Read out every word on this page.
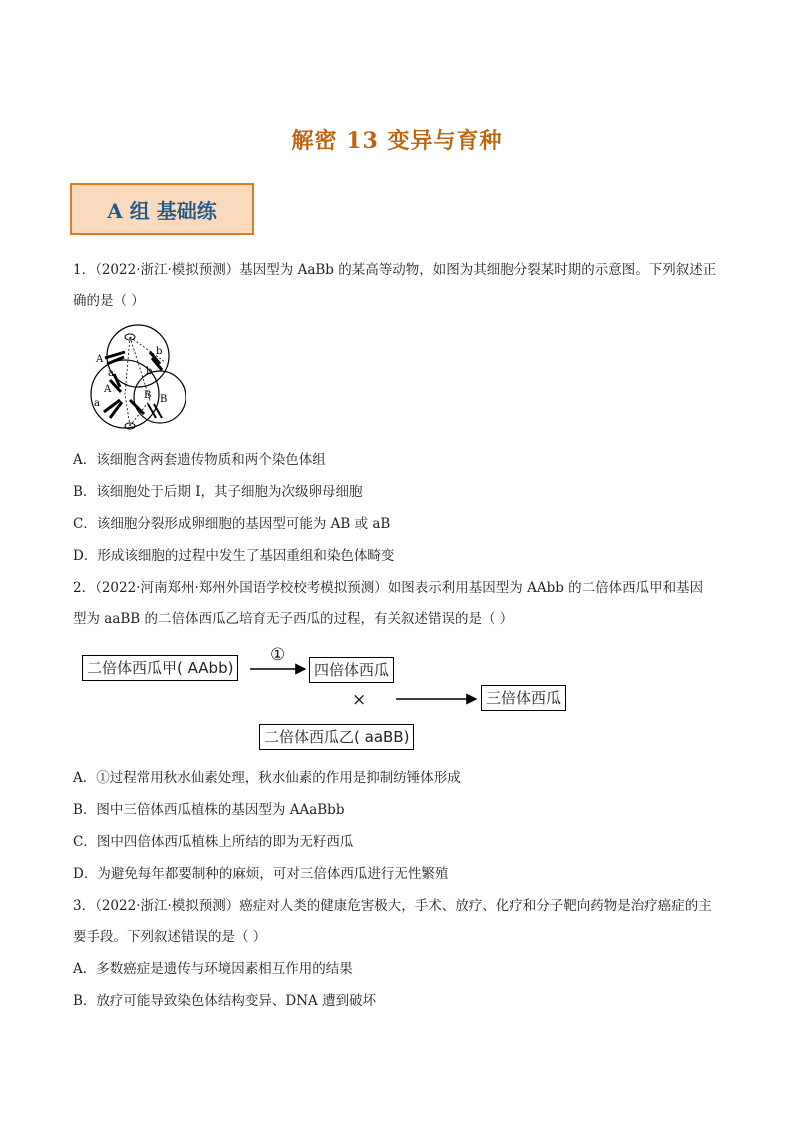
解密 13 变异与育种
A 组 基础练
1．（2022·浙江·模拟预测）基因型为 AaBb 的某高等动物，如图为其细胞分裂某时期的示意图。下列叙述正
确的是（ ）
A
a
A
a
b
b
B B
A．该细胞含两套遗传物质和两个染色体组
B．该细胞处于后期 I，其子细胞为次级卵母细胞
C．该细胞分裂形成卵细胞的基因型可能为 AB 或 aB
D．形成该细胞的过程中发生了基因重组和染色体畸变
2．（2022·河南郑州·郑州外国语学校校考模拟预测）如图表示利用基因型为 AAbb 的二倍体西瓜甲和基因
型为 aaBB 的二倍体西瓜乙培育无子西瓜的过程，有关叙述错误的是（ ）
二倍体西瓜甲( AAbb)
①
四倍体西瓜
×	三倍体西瓜
二倍体西瓜乙( aaBB)
A．①过程常用秋水仙素处理，秋水仙素的作用是抑制纺锤体形成
B．图中三倍体西瓜植株的基因型为 AAaBbb
C．图中四倍体西瓜植株上所结的即为无籽西瓜
D．为避免每年都要制种的麻烦，可对三倍体西瓜进行无性繁殖
3．（2022·浙江·模拟预测）癌症对人类的健康危害极大，手术、放疗、化疗和分子靶向药物是治疗癌症的主
要手段。下列叙述错误的是（ ）
A．多数癌症是遗传与环境因素相互作用的结果
B．放疗可能导致染色体结构变异、DNA 遭到破坏
